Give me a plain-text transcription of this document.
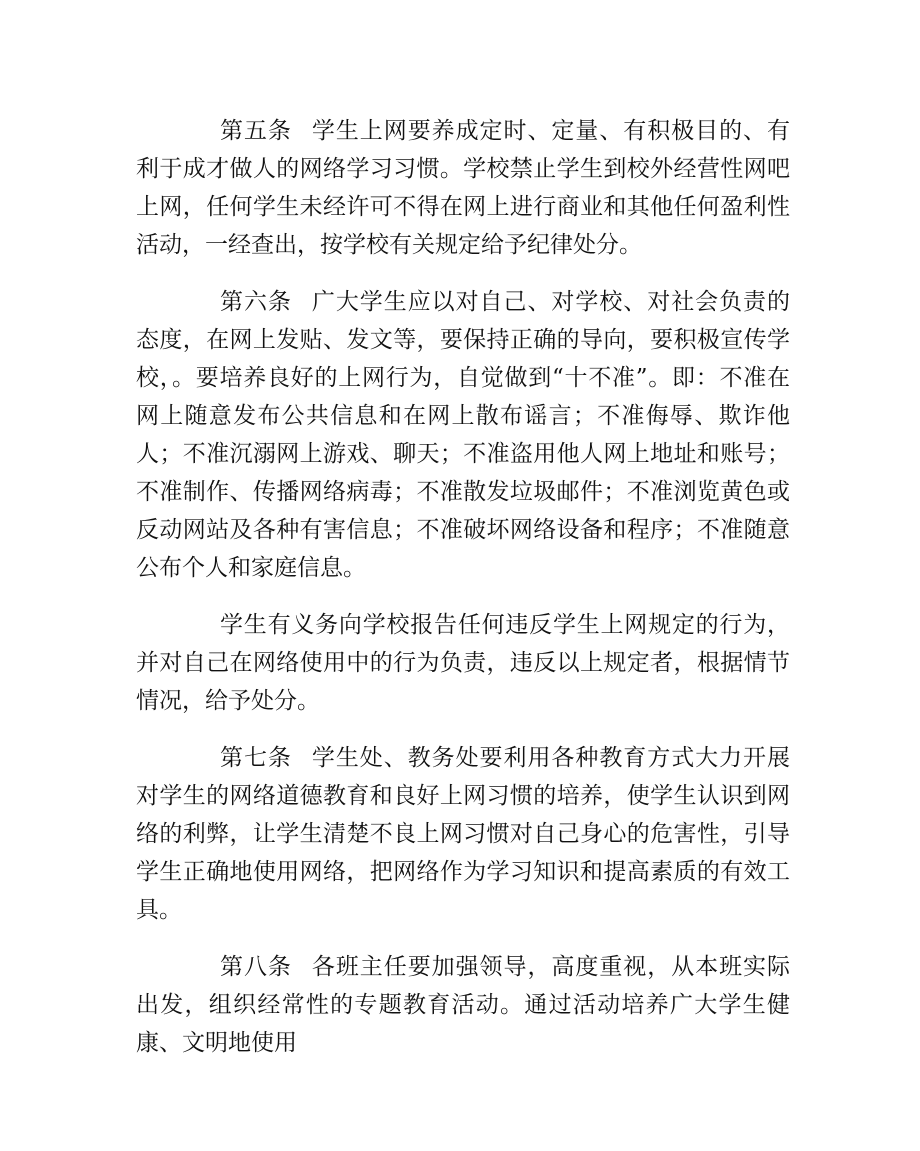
第五条 学生上网要养成定时、定量、有积极目的、有利于成才做人的网络学习习惯。学校禁止学生到校外经营性网吧上网，任何学生未经许可不得在网上进行商业和其他任何盈利性活动，一经查出，按学校有关规定给予纪律处分。

第六条 广大学生应以对自己、对学校、对社会负责的态度，在网上发贴、发文等，要保持正确的导向，要积极宣传学校，。要培养良好的上网行为，自觉做到“十不准”。即：不准在网上随意发布公共信息和在网上散布谣言；不准侮辱、欺诈他人；不准沉溺网上游戏、聊天；不准盗用他人网上地址和账号；不准制作、传播网络病毒；不准散发垃圾邮件；不准浏览黄色或反动网站及各种有害信息；不准破坏网络设备和程序；不准随意公布个人和家庭信息。

学生有义务向学校报告任何违反学生上网规定的行为，并对自己在网络使用中的行为负责，违反以上规定者，根据情节情况，给予处分。

第七条 学生处、教务处要利用各种教育方式大力开展对学生的网络道德教育和良好上网习惯的培养，使学生认识到网络的利弊，让学生清楚不良上网习惯对自己身心的危害性，引导学生正确地使用网络，把网络作为学习知识和提高素质的有效工具。

第八条 各班主任要加强领导，高度重视，从本班实际出发，组织经常性的专题教育活动。通过活动培养广大学生健康、文明地使用
